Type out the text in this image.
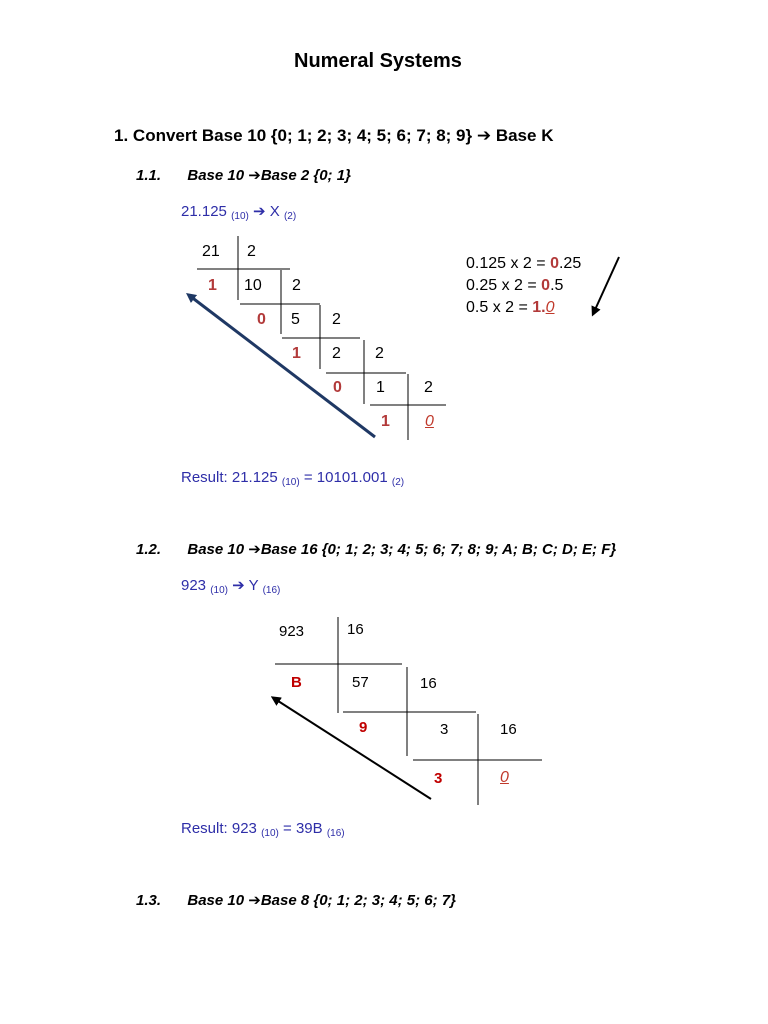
Numeral Systems
1. Convert Base 10 {0; 1; 2; 3; 4; 5; 6; 7; 8; 9} ➔ Base K
1.1. Base 10 ➔Base 2 {0; 1}
21.125 $_{(10)}$ ➔ X $_{(2)}$
21 2
1 10 2
0 5 2
1 2 2
0 1 2
1 0
0.125 x 2 = 0.25
0.25 x 2 = 0.5
0.5 x 2 = 1.0
Result: 21.125 $_{(10)}$ = 10101.001 $_{(2)}$
1.2. Base 10 ➔Base 16 {0; 1; 2; 3; 4; 5; 6; 7; 8; 9; A; B; C; D; E; F}
923 $_{(10)}$ ➔ Y $_{(16)}$
923	16
B	57	16
9	3	16
3	0
Result: 923 $_{(10)}$ = 39B $_{(16)}$
1.3. Base 10 ➔Base 8 {0; 1; 2; 3; 4; 5; 6; 7}
